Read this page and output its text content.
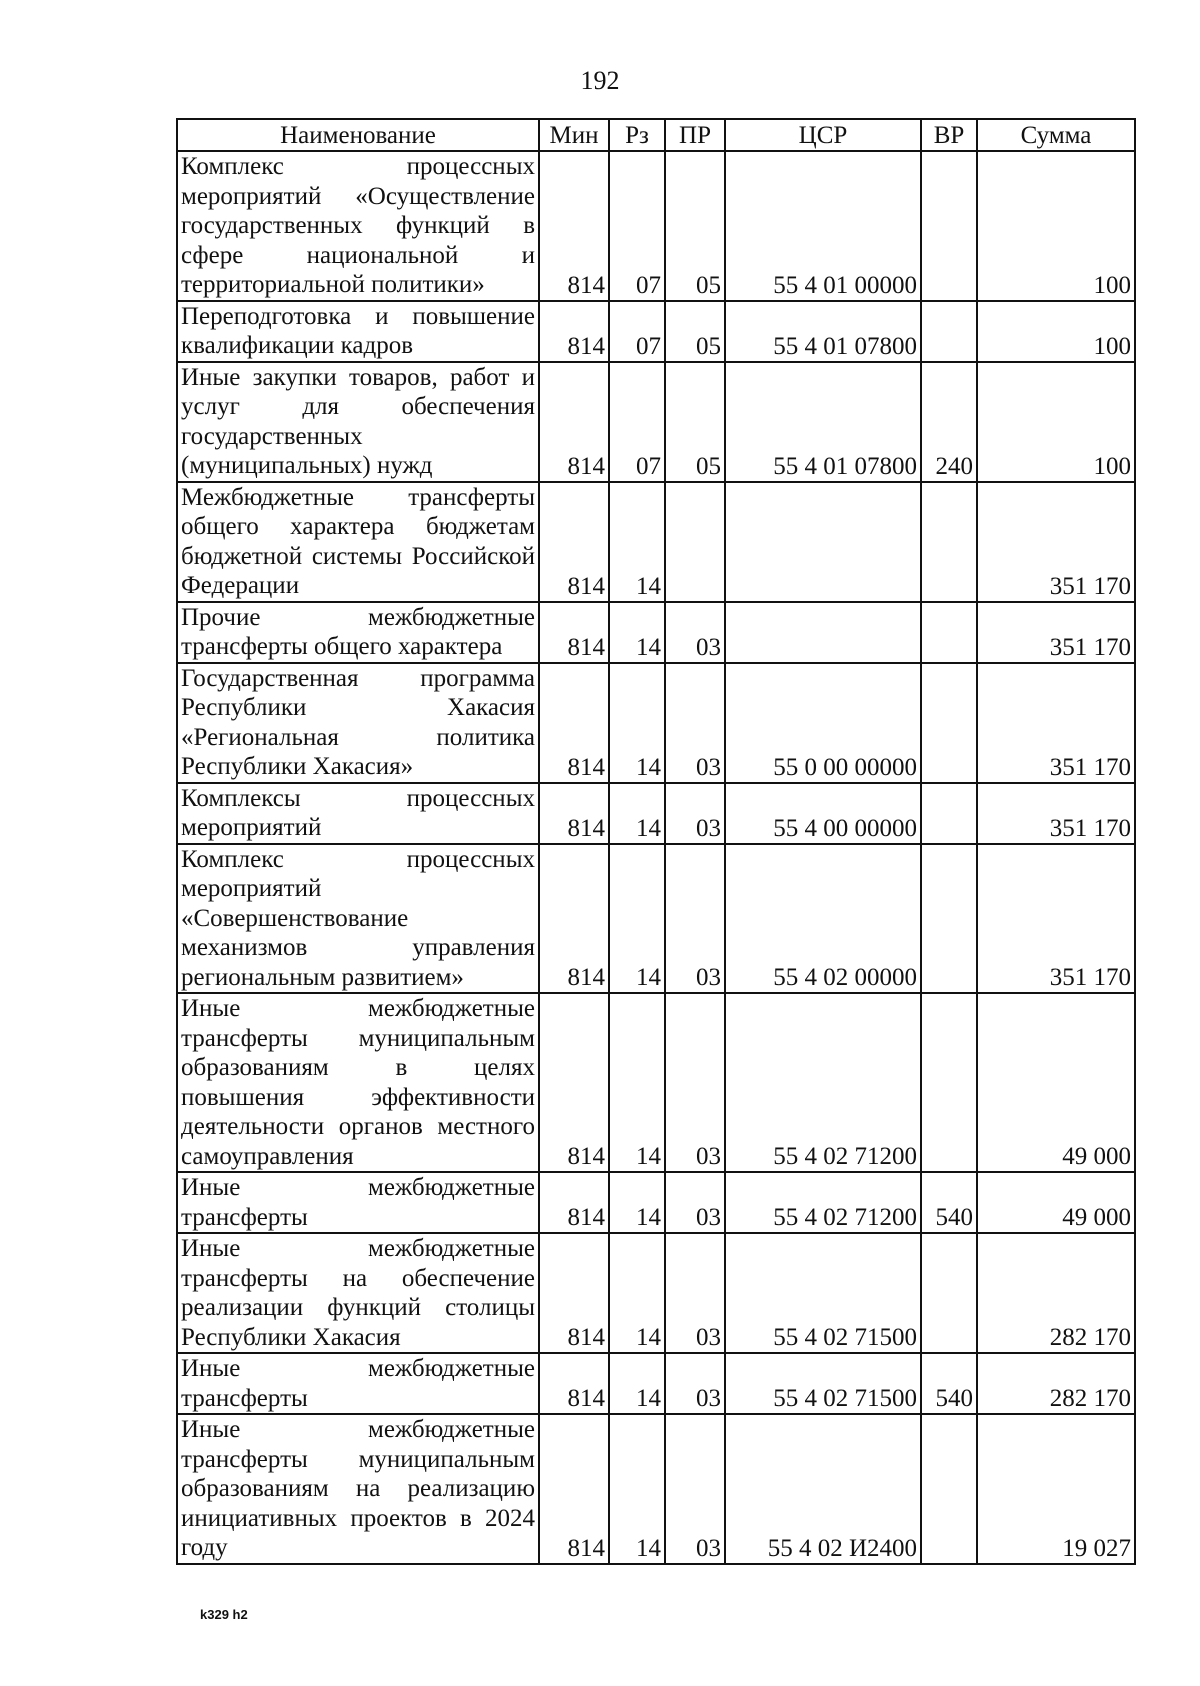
192
Наименование	Мин	Рз	ПР	ЦСР	ВР	Сумма
Комплекс процессных мероприятий «Осуществление государственных функций в сфере национальной и территориальной политики»	814	07	05	55 4 01 00000		100
Переподготовка и повышение квалификации кадров	814	07	05	55 4 01 07800		100
Иные закупки товаров, работ и услуг для обеспечения государственных (муниципальных) нужд	814	07	05	55 4 01 07800	240	100
Межбюджетные трансферты общего характера бюджетам бюджетной системы Российской Федерации	814	14				351 170
Прочие межбюджетные трансферты общего характера	814	14	03			351 170
Государственная программа Республики Хакасия «Региональная политика Республики Хакасия»	814	14	03	55 0 00 00000		351 170
Комплексы процессных мероприятий	814	14	03	55 4 00 00000		351 170
Комплекс процессных мероприятий «Совершенствование механизмов управления региональным развитием»	814	14	03	55 4 02 00000		351 170
Иные межбюджетные трансферты муниципальным образованиям в целях повышения эффективности деятельности органов местного самоуправления	814	14	03	55 4 02 71200		49 000
Иные межбюджетные трансферты	814	14	03	55 4 02 71200	540	49 000
Иные межбюджетные трансферты на обеспечение реализации функций столицы Республики Хакасия	814	14	03	55 4 02 71500		282 170
Иные межбюджетные трансферты	814	14	03	55 4 02 71500	540	282 170
Иные межбюджетные трансферты муниципальным образованиям на реализацию инициативных проектов в 2024 году	814	14	03	55 4 02 И2400		19 027
k329 h2
